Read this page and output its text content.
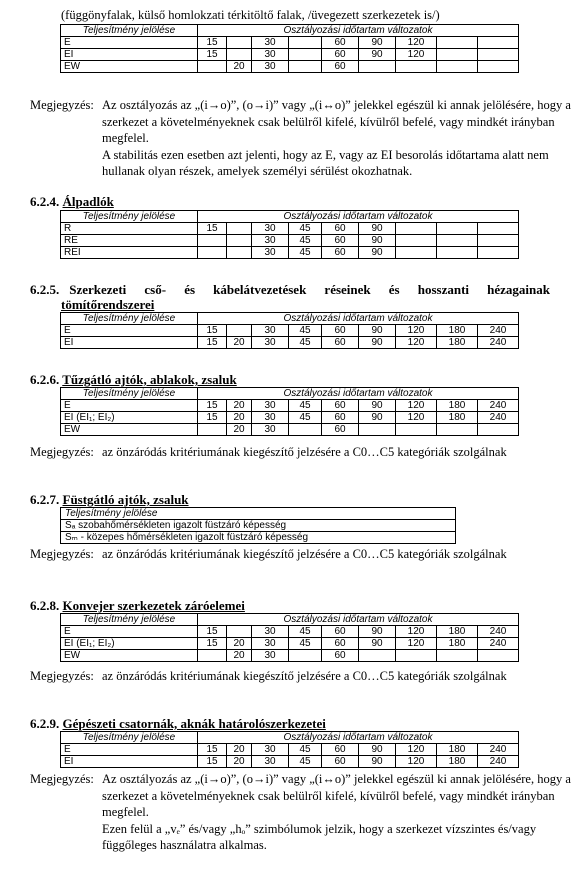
(függönyfalak, külső homlokzati térkitöltő falak, /üvegezett szerkezetek is/)
Teljesítmény jelölése	Osztályozási időtartam változatok								
E	15		30		60	90	120		
EI	15		30		60	90	120		
EW		20	30		60				
Megjegyzés: Az osztályozás az „(i→o)”, (o→i)” vagy „(i↔o)” jelekkel egészül ki annak jelölésére, hogy a szerkezet a követelményeknek csak belülről kifelé, kívülről befelé, vagy mindkét irányban megfelel.

A stabilitás ezen esetben azt jelenti, hogy az E, vagy az EI besorolás időtartama alatt nem hullanak olyan részek, amelyek személyi sérülést okozhatnak.

6.2.4. Álpadlók
Teljesítmény jelölése	Osztályozási időtartam változatok								
R	15		30	45	60	90			
RE			30	45	60	90			
REI			30	45	60	90			
6.2.5. Szerkezeti cső- és kábelátvezetések réseinek és hosszanti hézagainak
tömítőrendszerei
Teljesítmény jelölése	Osztályozási időtartam változatok								
E	15		30	45	60	90	120	180	240
EI	15	20	30	45	60	90	120	180	240
6.2.6. Tűzgátló ajtók, ablakok, zsaluk
Teljesítmény jelölése	Osztályozási időtartam változatok								
E	15	20	30	45	60	90	120	180	240
EI (EI₁; EI₂)	15	20	30	45	60	90	120	180	240
EW		20	30		60				
Megjegyzés: az önzáródás kritériumának kiegészítő jelzésére a C0…C5 kategóriák szolgálnak
6.2.7. Füstgátló ajtók, zsaluk
Teljesítmény jelölése
Sₐ szobahőmérsékleten igazolt füstzáró képesség
Sₘ - közepes hőmérsékleten igazolt füstzáró képesség
Megjegyzés: az önzáródás kritériumának kiegészítő jelzésére a C0…C5 kategóriák szolgálnak
6.2.8. Konvejer szerkezetek záróelemei
Teljesítmény jelölése	Osztályozási időtartam változatok								
E	15		30	45	60	90	120	180	240
EI (EI₁; EI₂)	15	20	30	45	60	90	120	180	240
EW		20	30		60				
Megjegyzés: az önzáródás kritériumának kiegészítő jelzésére a C0…C5 kategóriák szolgálnak
6.2.9. Gépészeti csatornák, aknák határolószerkezetei
Teljesítmény jelölése	Osztályozási időtartam változatok								
E	15	20	30	45	60	90	120	180	240
EI	15	20	30	45	60	90	120	180	240
Megjegyzés: Az osztályozás az „(i→o)”, (o→i)” vagy „(i↔o)” jelekkel egészül ki annak jelölésére, hogy a szerkezet a követelményeknek csak belülről kifelé, kívülről befelé, vagy mindkét irányban megfelel.

Ezen felül a „vₑ” és/vagy „hₒ” szimbólumok jelzik, hogy a szerkezet vízszintes és/vagy függőleges használatra alkalmas.
